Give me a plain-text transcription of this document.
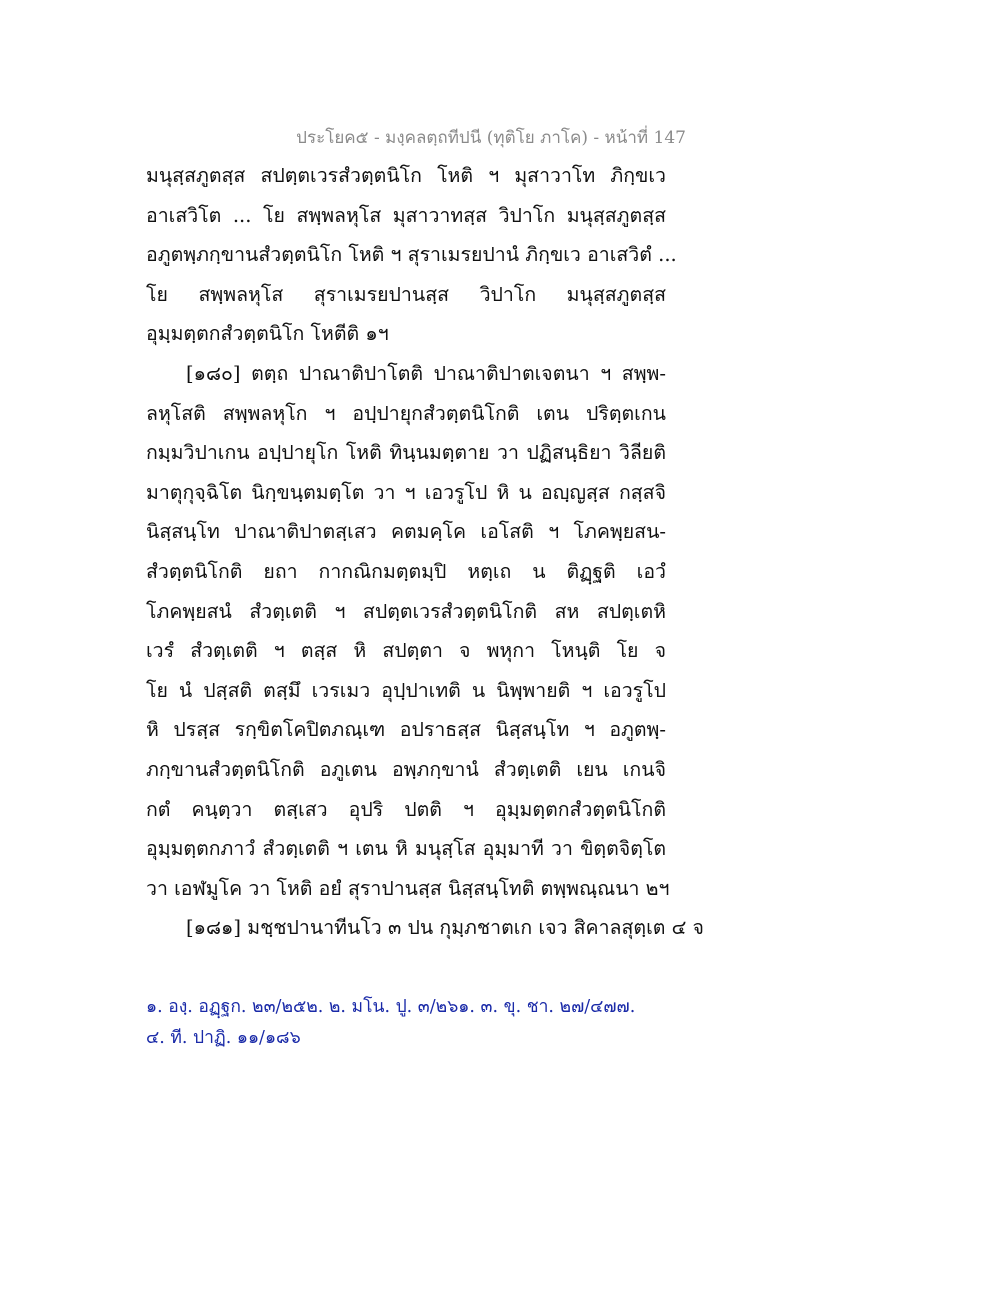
ประโยค๕ - มงฺคลตฺถทีปนี (ทุติโย ภาโค) - หน้าที่ 147
มนุสฺสภูตสฺส สปตฺตเวรสํวตฺตนิโก โหติ ฯ มุสาวาโท ภิกฺขเว
อาเสวิโต ... โย สพฺพลหุโส มุสาวาทสฺส วิปาโก มนุสฺสภูตสฺส
อภูตพฺภกฺขานสํวตฺตนิโก โหติ ฯ สุราเมรยปานํ ภิกฺขเว อาเสวิตํ ...
โย สพฺพลหุโส สุราเมรยปานสฺส วิปาโก มนุสฺสภูตสฺส
อุมฺมตฺตกสํวตฺตนิโก โหตีติ ๑ฯ
[๑๘๐] ตตฺถ ปาณาติปาโตติ ปาณาติปาตเจตนา ฯ สพฺพ-
ลหุโสติ สพฺพลหุโก ฯ อปฺปายุกสํวตฺตนิโกติ เตน ปริตฺตเกน
กมฺมวิปาเกน อปฺปายุโก โหติ ทินฺนมตฺตาย วา ปฏิสนฺธิยา วิลียติ
มาตุกุจฺฉิโต นิกฺขนฺตมตฺโต วา ฯ เอวรูโป หิ น อญฺญสฺส กสฺสจิ
นิสฺสนฺโท ปาณาติปาตสฺเสว คตมคฺโค เอโสติ ฯ โภคพฺยสน-
สํวตฺตนิโกติ ยถา กากณิกมตฺตมฺปิ หตฺเถ น ติฏฺฐติ เอวํ
โภคพฺยสนํ สํวตฺเตติ ฯ สปตฺตเวรสํวตฺตนิโกติ สห สปตฺเตหิ
เวรํ สํวตฺเตติ ฯ ตสฺส หิ สปตฺตา จ พหุกา โหนฺติ โย จ
โย นํ ปสฺสติ ตสฺมึ เวรเมว อุปฺปาเทติ น นิพฺพายติ ฯ เอวรูโป
หิ ปรสฺส รกฺขิตโคปิตภณฺเฑ อปราธสฺส นิสฺสนฺโท ฯ อภูตพฺ-
ภกฺขานสํวตฺตนิโกติ อภูเตน อพฺภกฺขานํ สํวตฺเตติ เยน เกนจิ
กตํ คนฺตฺวา ตสฺเสว อุปริ ปตติ ฯ อุมฺมตฺตกสํวตฺตนิโกติ
อุมฺมตฺตกภาวํ สํวตฺเตติ ฯ เตน หิ มนุสฺโส อุมฺมาที วา ขิตฺตจิตฺโต
วา เอฬมูโค วา โหติ อยํ สุราปานสฺส นิสฺสนฺโทติ ตพฺพณฺณนา ๒ฯ
[๑๘๑] มชฺชปานาทีนโว ๓ ปน กุมฺภชาตเก เจว สิคาลสุตฺเต ๔ จ
๑. องฺ. อฏฺฐก. ๒๓/๒๕๒. ๒. มโน. ปู. ๓/๒๖๑. ๓. ขุ. ชา. ๒๗/๔๗๗.
๔. ที. ปาฏิ. ๑๑/๑๘๖
